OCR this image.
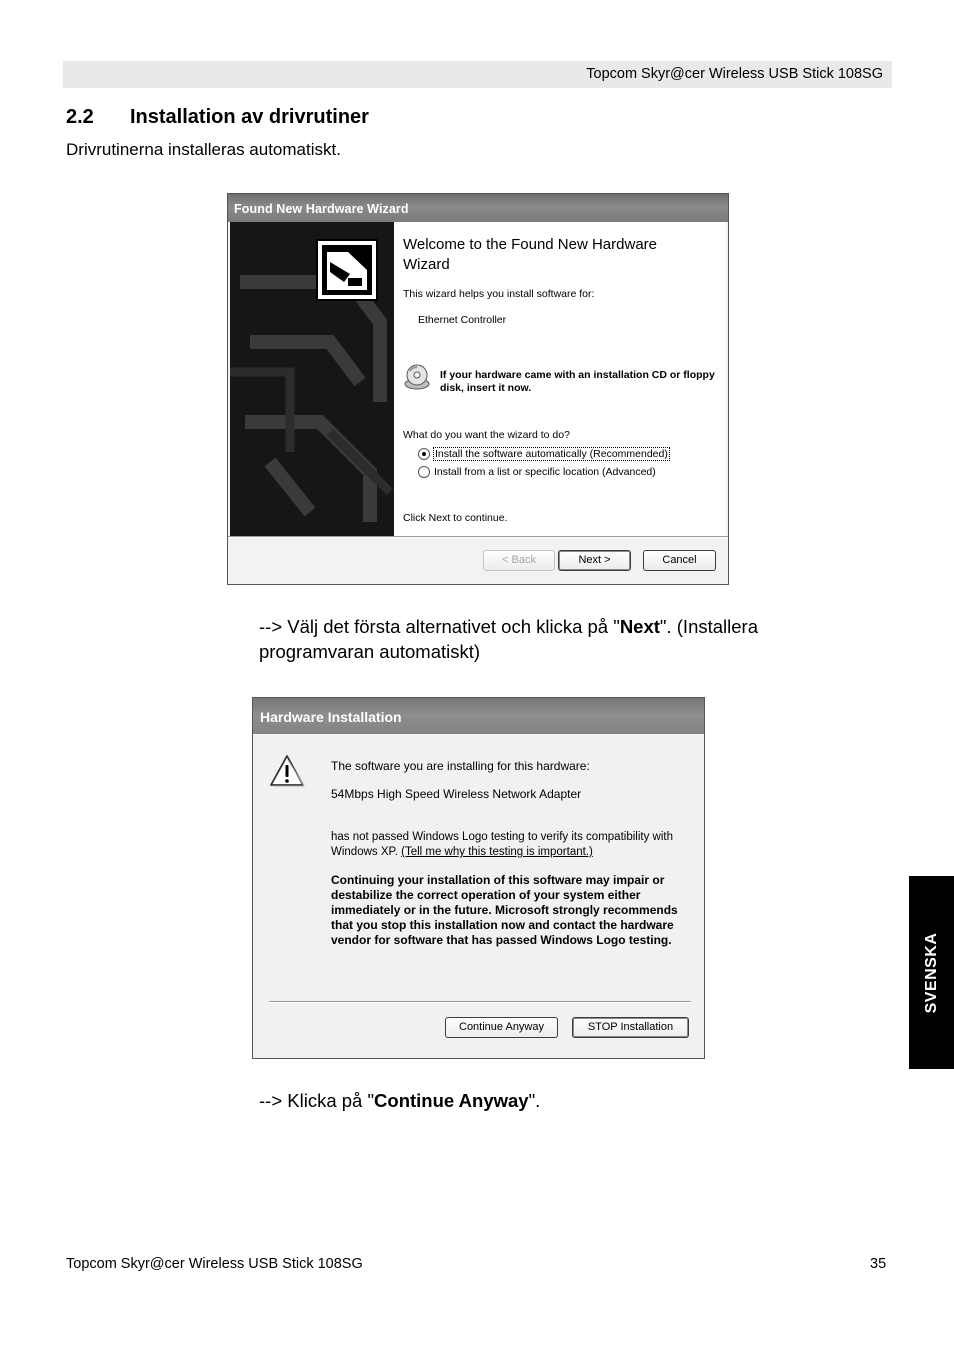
Topcom Skyr@cer Wireless USB Stick 108SG
2.2 Installation av drivrutiner
Drivrutinerna installeras automatiskt.
Found New Hardware Wizard
Welcome to the Found New Hardware Wizard
This wizard helps you install software for:
Ethernet Controller
If your hardware came with an installation CD or floppy disk, insert it now.
What do you want the wizard to do?
Install the software automatically (Recommended)
Install from a list or specific location (Advanced)
Click Next to continue.
< Back	Next >	Cancel
--> Välj det första alternativet och klicka på "Next". (Installera programvaran automatiskt)
Hardware Installation
The software you are installing for this hardware:
54Mbps High Speed Wireless Network Adapter
has not passed Windows Logo testing to verify its compatibility with Windows XP. (Tell me why this testing is important.)
Continuing your installation of this software may impair or destabilize the correct operation of your system either immediately or in the future. Microsoft strongly recommends that you stop this installation now and contact the hardware vendor for software that has passed Windows Logo testing.
Continue Anyway	STOP Installation
--> Klicka på "Continue Anyway".
SVENSKA
Topcom Skyr@cer Wireless USB Stick 108SG	35
